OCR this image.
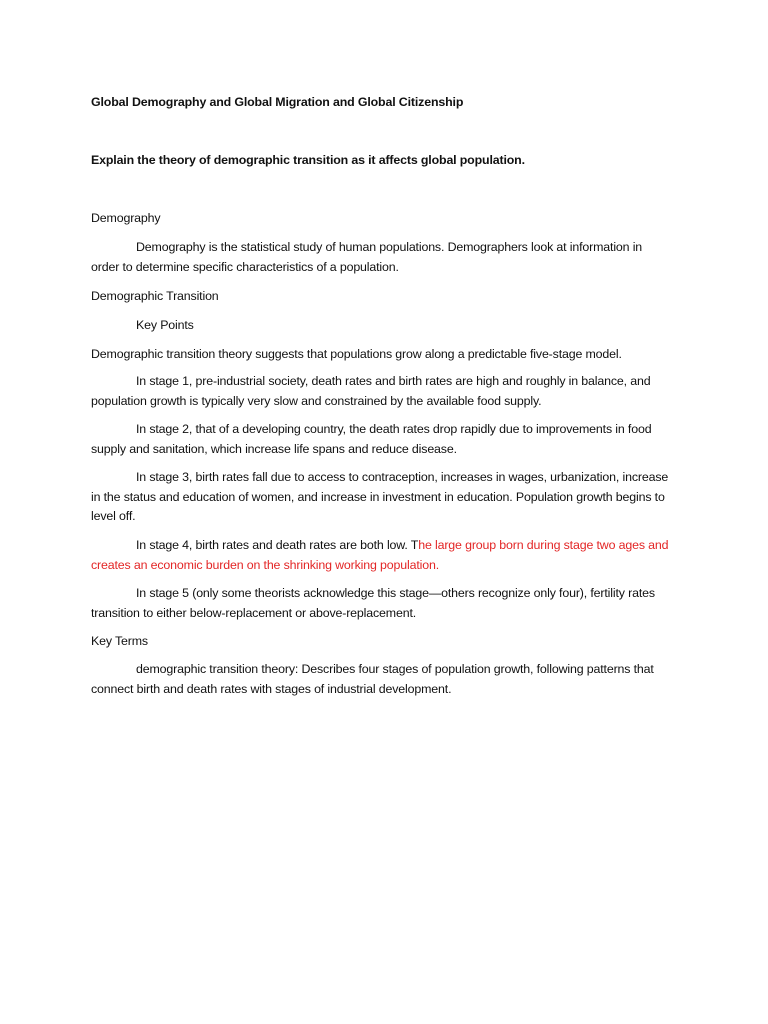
Global Demography and Global Migration and Global Citizenship

Explain the theory of demographic transition as it affects global population.

Demography

Demography is the statistical study of human populations. Demographers look at information in order to determine specific characteristics of a population.

Demographic Transition

Key Points

Demographic transition theory suggests that populations grow along a predictable five-stage model.

In stage 1, pre-industrial society, death rates and birth rates are high and roughly in balance, and population growth is typically very slow and constrained by the available food supply.

In stage 2, that of a developing country, the death rates drop rapidly due to improvements in food supply and sanitation, which increase life spans and reduce disease.

In stage 3, birth rates fall due to access to contraception, increases in wages, urbanization, increase in the status and education of women, and increase in investment in education. Population growth begins to level off.

In stage 4, birth rates and death rates are both low. The large group born during stage two ages and creates an economic burden on the shrinking working population.

In stage 5 (only some theorists acknowledge this stage—others recognize only four), fertility rates transition to either below-replacement or above-replacement.

Key Terms

demographic transition theory: Describes four stages of population growth, following patterns that connect birth and death rates with stages of industrial development.
